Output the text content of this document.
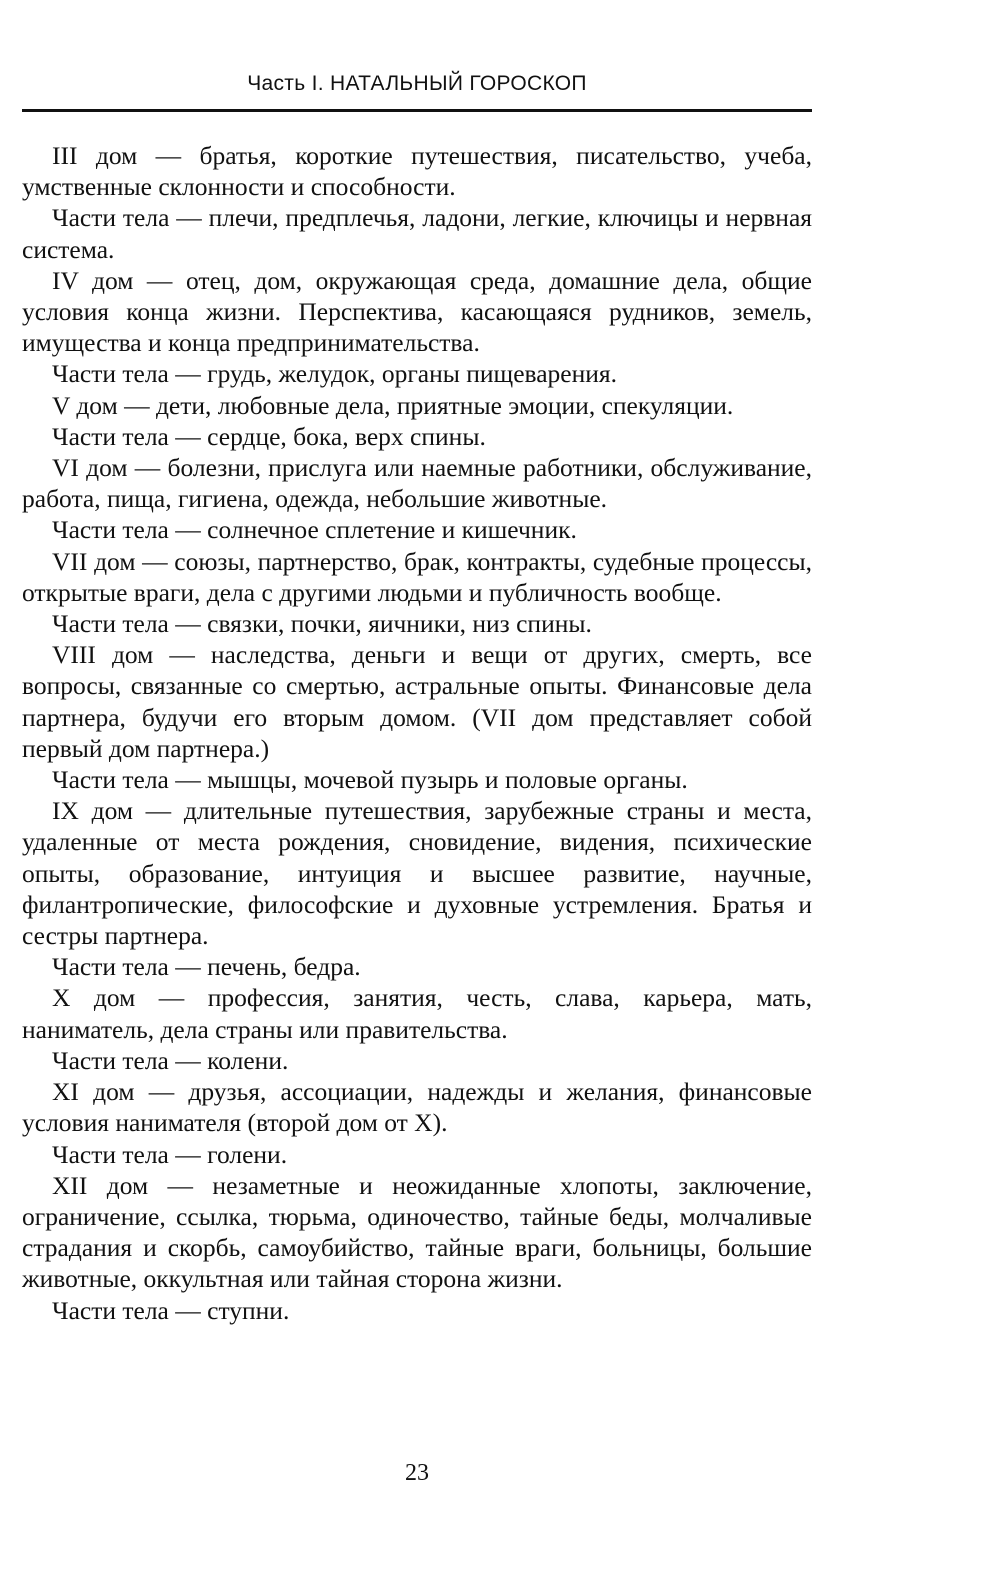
Часть I. НАТАЛЬНЫЙ ГОРОСКОП

III дом — братья, короткие путешествия, писательство, учеба, умственные склонности и способности.

Части тела — плечи, предплечья, ладони, легкие, ключицы и нервная система.

IV дом — отец, дом, окружающая среда, домашние дела, общие условия конца жизни. Перспектива, касающаяся рудников, земель, имущества и конца предпринимательства.

Части тела — грудь, желудок, органы пищеварения.

V дом — дети, любовные дела, приятные эмоции, спекуляции.

Части тела — сердце, бока, верх спины.

VI дом — болезни, прислуга или наемные работники, обслуживание, работа, пища, гигиена, одежда, небольшие животные.

Части тела — солнечное сплетение и кишечник.

VII дом — союзы, партнерство, брак, контракты, судебные процессы, открытые враги, дела с другими людьми и публичность вообще.

Части тела — связки, почки, яичники, низ спины.

VIII дом — наследства, деньги и вещи от других, смерть, все вопросы, связанные со смертью, астральные опыты. Финансовые дела партнера, будучи его вторым домом. (VII дом представляет собой первый дом партнера.)

Части тела — мышцы, мочевой пузырь и половые органы.

IX дом — длительные путешествия, зарубежные страны и места, удаленные от места рождения, сновидение, видения, психические опыты, образование, интуиция и высшее развитие, научные, филантропические, философские и духовные устремления. Братья и сестры партнера.

Части тела — печень, бедра.

X дом — профессия, занятия, честь, слава, карьера, мать, наниматель, дела страны или правительства.

Части тела — колени.

XI дом — друзья, ассоциации, надежды и желания, финансовые условия нанимателя (второй дом от X).

Части тела — голени.

XII дом — незаметные и неожиданные хлопоты, заключение, ограничение, ссылка, тюрьма, одиночество, тайные беды, молчаливые страдания и скорбь, самоубийство, тайные враги, больницы, большие животные, оккультная или тайная сторона жизни.

Части тела — ступни.

23
